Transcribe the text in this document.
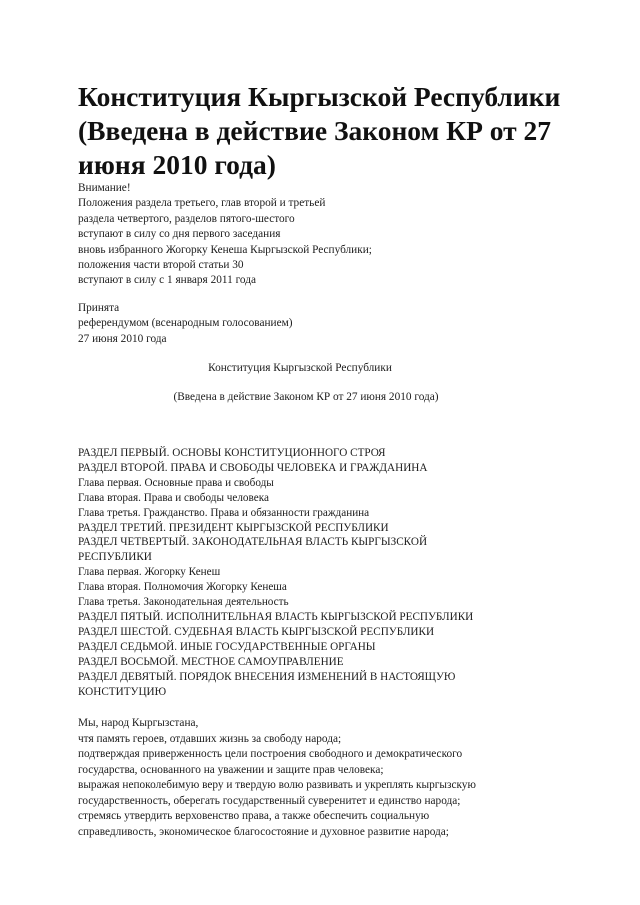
Конституция Кыргызской Республики
(Введена в действие Законом КР от 27
июня 2010 года)
Внимание!
Положения раздела третьего, глав второй и третьей
раздела четвертого, разделов пятого-шестого
вступают в силу со дня первого заседания
вновь избранного Жогорку Кенеша Кыргызской Республики;
положения части второй статьи 30
вступают в силу с 1 января 2011 года
Принята
референдумом (всенародным голосованием)
27 июня 2010 года
Конституция Кыргызской Республики
(Введена в действие Законом КР от 27 июня 2010 года)
РАЗДЕЛ ПЕРВЫЙ. ОСНОВЫ КОНСТИТУЦИОННОГО СТРОЯ
РАЗДЕЛ ВТОРОЙ. ПРАВА И СВОБОДЫ ЧЕЛОВЕКА И ГРАЖДАНИНА
Глава первая. Основные права и свободы
Глава вторая. Права и свободы человека
Глава третья. Гражданство. Права и обязанности гражданина
РАЗДЕЛ ТРЕТИЙ. ПРЕЗИДЕНТ КЫРГЫЗСКОЙ РЕСПУБЛИКИ
РАЗДЕЛ ЧЕТВЕРТЫЙ. ЗАКОНОДАТЕЛЬНАЯ ВЛАСТЬ КЫРГЫЗСКОЙ
РЕСПУБЛИКИ
Глава первая. Жогорку Кенеш
Глава вторая. Полномочия Жогорку Кенеша
Глава третья. Законодательная деятельность
РАЗДЕЛ ПЯТЫЙ. ИСПОЛНИТЕЛЬНАЯ ВЛАСТЬ КЫРГЫЗСКОЙ РЕСПУБЛИКИ
РАЗДЕЛ ШЕСТОЙ. СУДЕБНАЯ ВЛАСТЬ КЫРГЫЗСКОЙ РЕСПУБЛИКИ
РАЗДЕЛ СЕДЬМОЙ. ИНЫЕ ГОСУДАРСТВЕННЫЕ ОРГАНЫ
РАЗДЕЛ ВОСЬМОЙ. МЕСТНОЕ САМОУПРАВЛЕНИЕ
РАЗДЕЛ ДЕВЯТЫЙ. ПОРЯДОК ВНЕСЕНИЯ ИЗМЕНЕНИЙ В НАСТОЯЩУЮ
КОНСТИТУЦИЮ
Мы, народ Кыргызстана,
чтя память героев, отдавших жизнь за свободу народа;
подтверждая приверженность цели построения свободного и демократического
государства, основанного на уважении и защите прав человека;
выражая непоколебимую веру и твердую волю развивать и укреплять кыргызскую
государственность, оберегать государственный суверенитет и единство народа;
стремясь утвердить верховенство права, а также обеспечить социальную
справедливость, экономическое благосостояние и духовное развитие народа;
